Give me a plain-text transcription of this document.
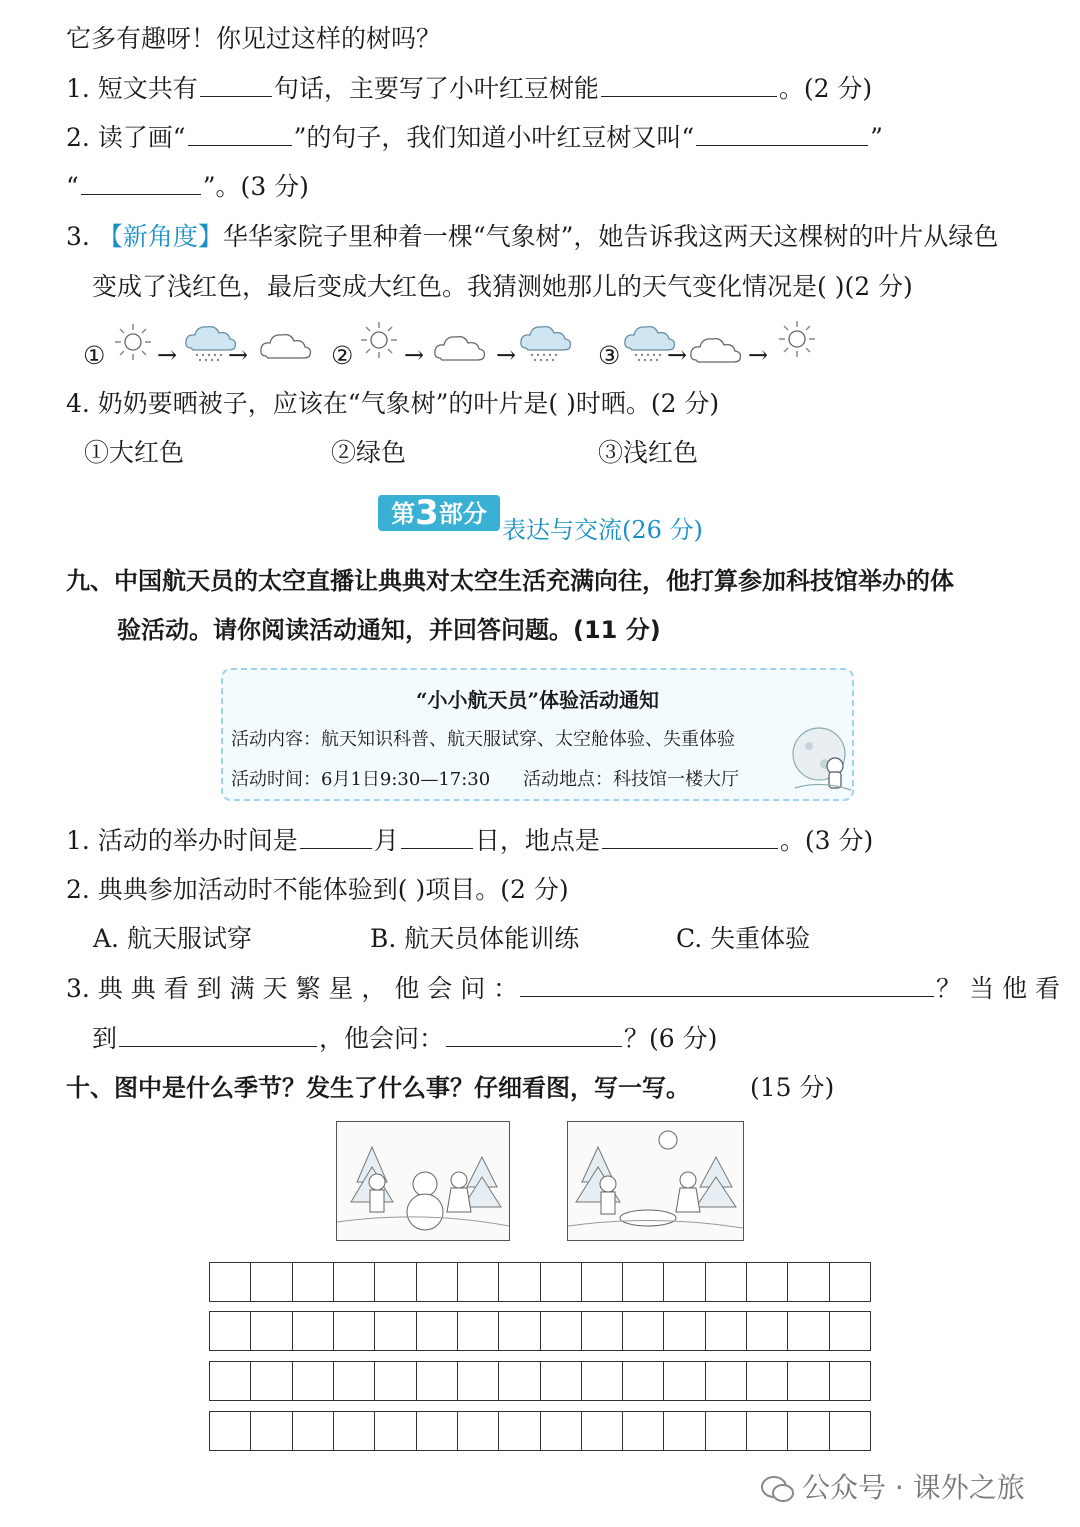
它多有趣呀！你见过这样的树吗？
1. 短文共有	句话，主要写了小叶红豆树能	。(2 分)
2. 读了画“	”的句子，我们知道小叶红豆树又叫“	”
“	”。(3 分)
3. 【新角度】华华家院子里种着一棵“气象树”，她告诉我这两天这棵树的叶片从绿色
变成了浅红色，最后变成大红色。我猜测她那儿的天气变化情况是( )(2 分)
① → →	② →	→	③ →	→
4. 奶奶要晒被子，应该在“气象树”的叶片是( )时晒。(2 分)
①大红色	②绿色	③浅红色
第3部分
表达与交流(26 分)
九、中国航天员的太空直播让典典对太空生活充满向往，他打算参加科技馆举办的体
验活动。请你阅读活动通知，并回答问题。(11 分)
“小小航天员”体验活动通知
活动内容：航天知识科普、航天服试穿、太空舱体验、失重体验
活动时间：6月1日9:30—17:30 活动地点：科技馆一楼大厅
1. 活动的举办时间是	月	日，地点是	。(3 分)
2. 典典参加活动时不能体验到( )项目。(2 分)
A. 航天服试穿	B. 航天员体能训练	C. 失重体验
3. 典 典 看 到 满 天 繁 星 ， 他 会 问 ：	？ 当 他 看
到	，他会问：	？(6 分)
十、图中是什么季节？发生了什么事？仔细看图，写一写。 (15 分)
公众号 · 课外之旅
